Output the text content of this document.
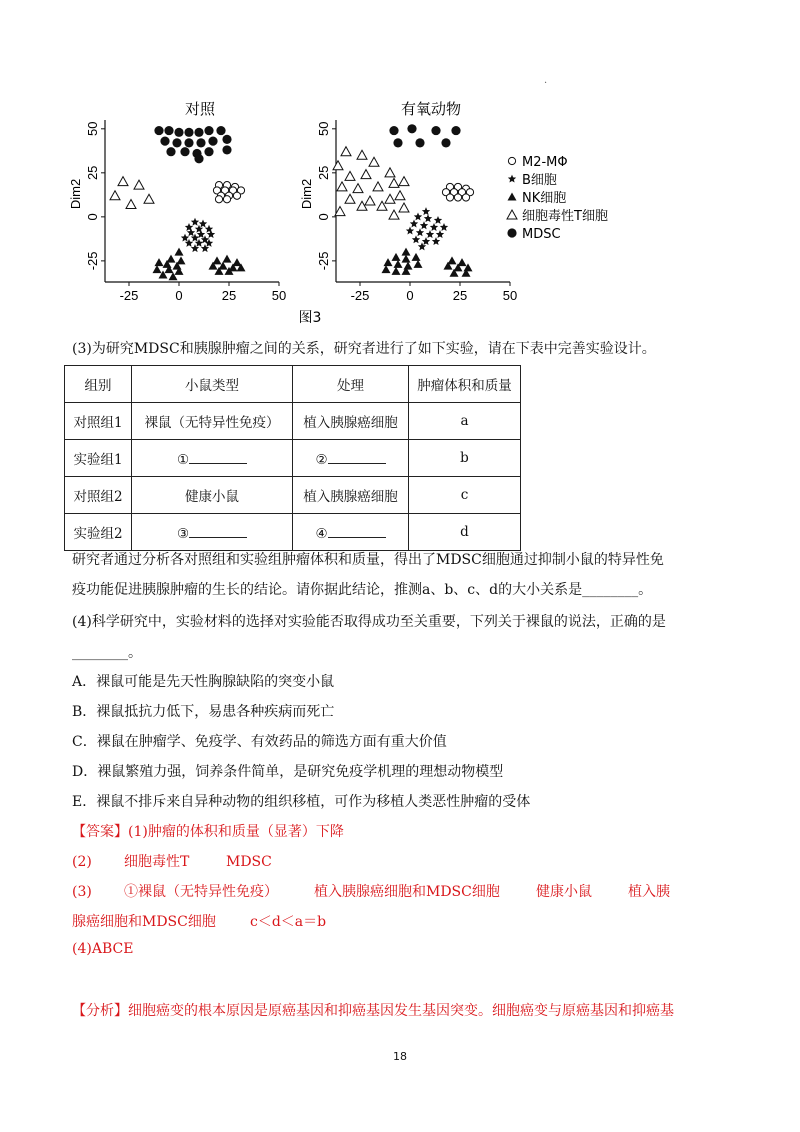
·
对照
-25	0	25	50
-25
0
25
50
Dim2
有氧动物
-25	0	25	50
-25
0
25
50
Dim2
M2-MΦ
B细胞
NK细胞
细胞毒性T细胞
MDSC
图3

(3)为研究MDSC和胰腺肿瘤之间的关系，研究者进行了如下实验，请在下表中完善实验设计。

组别	小鼠类型	处理	肿瘤体积和质量
对照组1	裸鼠（无特异性免疫）	植入胰腺癌细胞	a
实验组1	①	②	b
对照组2	健康小鼠	植入胰腺癌细胞	c
实验组2	③	④	d

研究者通过分析各对照组和实验组肿瘤体积和质量，得出了MDSC细胞通过抑制小鼠的特异性免

疫功能促进胰腺肿瘤的生长的结论。请你据此结论，推测a、b、c、d的大小关系是________。

(4)科学研究中，实验材料的选择对实验能否取得成功至关重要，下列关于裸鼠的说法，正确的是

________。

A．裸鼠可能是先天性胸腺缺陷的突变小鼠

B．裸鼠抵抗力低下，易患各种疾病而死亡

C．裸鼠在肿瘤学、免疫学、有效药品的筛选方面有重大价值

D．裸鼠繁殖力强，饲养条件简单，是研究免疫学机理的理想动物模型

E．裸鼠不排斥来自异种动物的组织移植，可作为移植人类恶性肿瘤的受体

【答案】(1)肿瘤的体积和质量（显著）下降

(2) 细胞毒性T	MDSC

(3) ①裸鼠（无特异性免疫）	植入胰腺癌细胞和MDSC细胞	健康小鼠	植入胰

腺癌细胞和MDSC细胞 c＜d＜a＝b

(4)ABCE

【分析】细胞癌变的根本原因是原癌基因和抑癌基因发生基因突变。细胞癌变与原癌基因和抑癌基

18
